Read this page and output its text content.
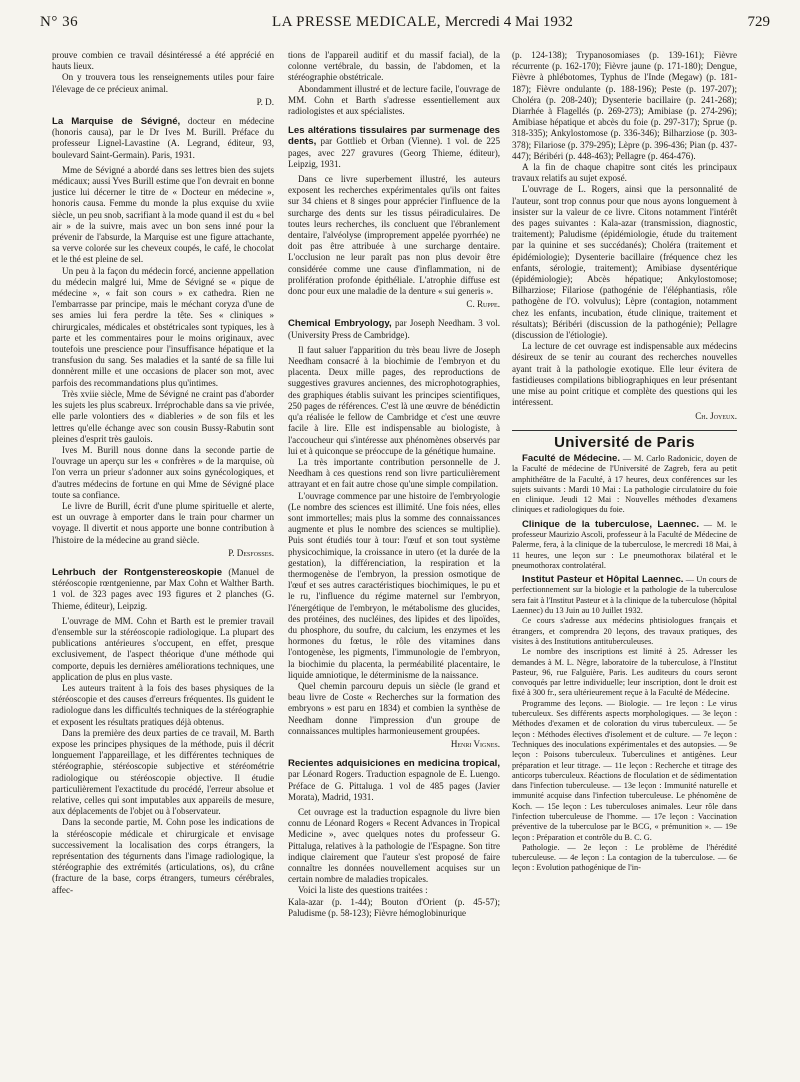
N° 36	LA PRESSE MEDICALE, Mercredi 4 Mai 1932	729

prouve combien ce travail désintéressé a été apprécié en hauts lieux.

On y trouvera tous les renseignements utiles pour faire l'élevage de ce précieux animal.

P. D.

La Marquise de Sévigné, docteur en médecine (honoris causa), par le Dr Ives M. Burill. Préface du professeur Lignel-Lavastine (A. Legrand, éditeur, 93, boulevard Saint-Germain). Paris, 1931.

Mme de Sévigné a abordé dans ses lettres bien des sujets médicaux; aussi Yves Burill estime que l'on devrait en bonne justice lui décerner le titre de « Docteur en médecine », honoris causa. Femme du monde la plus exquise du xviie siècle, un peu snob, sacrifiant à la mode quand il est du « bel air » de la suivre, mais avec un bon sens inné pour la prévenir de l'absurde, la Marquise est une figure attachante, sa verve colorée sur les cheveux coupés, le café, le chocolat et le thé est pleine de sel.

Un peu à la façon du médecin forcé, ancienne appellation du médecin malgré lui, Mme de Sévigné se « pique de médecine », « fait son cours » ex cathedra. Rien ne l'embarrasse par principe, mais le méchant coryza d'une de ses amies lui fera perdre la tête. Ses « cliniques » chirurgicales, médicales et obstétricales sont typiques, les à parte et les commentaires pour le moins originaux, avec toutefois une prescience pour l'insuffisance hépatique et la transfusion du sang. Ses maladies et la santé de sa fille lui donnèrent mille et une occasions de placer son mot, avec parfois des recommandations plus qu'intimes.

Très xviie siècle, Mme de Sévigné ne craint pas d'aborder les sujets les plus scabreux. Irréprochable dans sa vie privée, elle parle volontiers des « diableries » de son fils et les lettres qu'elle échange avec son cousin Bussy-Rabutin sont pleines d'esprit très gaulois.

Ives M. Burill nous donne dans la seconde partie de l'ouvrage un aperçu sur les « confrères » de la marquise, où l'on verra un prieur s'adonner aux soins gynécologiques, et d'autres médecins de fortune en qui Mme de Sévigné place toute sa confiance.

Le livre de Burill, écrit d'une plume spirituelle et alerte, est un ouvrage à emporter dans le train pour charmer un voyage. Il divertit et nous apporte une bonne contribution à l'histoire de la médecine au grand siècle.

P. Desfosses.

Lehrbuch der Rontgenstereoskopie (Manuel de stéréoscopie rœntgenienne, par Max Cohn et Walther Barth. 1 vol. de 323 pages avec 193 figures et 2 planches (G. Thieme, éditeur), Leipzig.

L'ouvrage de MM. Cohn et Barth est le premier travail d'ensemble sur la stéréoscopie radiologique. La plupart des publications antérieures s'occupent, en effet, presque exclusivement, de l'aspect théorique d'une méthode qui comporte, depuis les dernières améliorations techniques, une application de plus en plus vaste.

Les auteurs traitent à la fois des bases physiques de la stéréoscopie et des causes d'erreurs fréquentes. Ils guident le radiologue dans les difficultés techniques de la stéréographie et exposent les résultats pratiques déjà obtenus.

Dans la première des deux parties de ce travail, M. Barth expose les principes physiques de la méthode, puis il décrit longuement l'appareillage, et les différentes techniques de stéréographie, stéréoscopie subjective et stéréométrie radiologique ou stéréoscopie objective. Il étudie particulièrement l'exactitude du procédé, l'erreur absolue et relative, celles qui sont imputables aux appareils de mesure, aux déplacements de l'objet ou à l'observateur.

Dans la seconde partie, M. Cohn pose les indications de la stéréoscopie médicale et chirurgicale et envisage successivement la localisation des corps étrangers, la représentation des tégurnents dans l'image radiologique, la stéréographie des extrémités (articulations, os), du crâne (fracture de la base, corps étrangers, tumeurs cérébrales, affec-

tions de l'appareil auditif et du massif facial), de la colonne vertébrale, du bassin, de l'abdomen, et la stéréographie obstétricale.

Abondamment illustré et de lecture facile, l'ouvrage de MM. Cohn et Barth s'adresse essentiellement aux radiologistes et aux spécialistes.

Les altérations tissulaires par surmenage des dents, par Gottlieb et Orban (Vienne). 1 vol. de 225 pages, avec 227 gravures (Georg Thieme, éditeur), Leipzig, 1931.

Dans ce livre superbement illustré, les auteurs exposent les recherches expérimentales qu'ils ont faites sur 34 chiens et 8 singes pour apprécier l'influence de la surcharge des dents sur les tissus péiradiculaires. De toutes leurs recherches, ils concluent que l'ébranlement dentaire, l'alvéolyse (improprement appelée pyorrhée) ne doit pas être attribuée à une surcharge dentaire. L'occlusion ne leur paraît pas non plus devoir être considérée comme une cause d'inflammation, ni de prolifération profonde épithéliale. L'atrophie diffuse est donc pour eux une maladie de la denture « sui generis ».

C. Ruppe.

Chemical Embryology, par Joseph Needham. 3 vol. (University Press de Cambridge).

Il faut saluer l'apparition du très beau livre de Joseph Needham consacré à la biochimie de l'embryon et du placenta. Deux mille pages, des reproductions de suggestives gravures anciennes, des microphotographies, des graphiques établis suivant les principes scientifiques, 250 pages de références. C'est là une œuvre de bénédictin qu'a réalisée le fellow de Cambridge et c'est une œuvre facile à lire. Elle est indispensable au biologiste, à l'accoucheur qui s'intéresse aux phénomènes observés par lui et à quiconque se préoccupe de la génétique humaine.

La très importante contribution personnelle de J. Needham à ces questions rend son livre particulièrement attrayant et en fait autre chose qu'une simple compilation.

L'ouvrage commence par une histoire de l'embryologie (Le nombre des sciences est illimité. Une fois nées, elles sont immortelles; mais plus la somme des connaissances augmente et plus le nombre des sciences se multiplie). Puis sont étudiés tour à tour: l'œuf et son tout système physicochimique, la croissance in utero (et la durée de la gestation), la différenciation, la respiration et la thermogenèse de l'embryon, la pression osmotique de l'œuf et ses autres caractéristiques biochimiques, le pu et le ru, l'influence du régime maternel sur l'embryon, l'énergétique de l'embryon, le métabolisme des glucides, des protéines, des nucléines, des lipides et des lipoïdes, du phosphore, du soufre, du calcium, les enzymes et les hormones du fœtus, le rôle des vitamines dans l'ontogenèse, les pigments, l'immunologie de l'embryon, la biochimie du placenta, la perméabilité placentaire, le liquide amniotique, le déterminisme de la naissance.

Quel chemin parcouru depuis un siècle (le grand et beau livre de Coste « Recherches sur la formation des embryons » est paru en 1834) et combien la synthèse de Needham donne l'impression d'un groupe de connaissances multiples harmonieusement groupées.

Henri Vignes.

Recientes adquisiciones en medicina tropical, par Léonard Rogers. Traduction espagnole de E. Luengo. Préface de G. Pittaluga. 1 vol de 485 pages (Javier Morata), Madrid, 1931.

Cet ouvrage est la traduction espagnole du livre bien connu de Léonard Rogers « Recent Advances in Tropical Medicine », avec quelques notes du professeur G. Pittaluga, relatives à la pathologie de l'Espagne. Son titre indique clairement que l'auteur s'est proposé de faire connaître les données nouvellement acquises sur un certain nombre de maladies tropicales.

Voici la liste des questions traitées :

Kala-azar (p. 1-44); Bouton d'Orient (p. 45-57); Paludisme (p. 58-123); Fièvre hémoglobinurique

(p. 124-138); Trypanosomiases (p. 139-161); Fièvre récurrente (p. 162-170); Fièvre jaune (p. 171-180); Dengue, Fièvre à phlébotomes, Typhus de l'Inde (Megaw) (p. 181-187); Fièvre ondulante (p. 188-196); Peste (p. 197-207); Choléra (p. 208-240); Dysenterie bacillaire (p. 241-268); Diarrhée à Flagellés (p. 269-273); Amibiase (p. 274-296); Amibiase hépatique et abcès du foie (p. 297-317); Sprue (p. 318-335); Ankylostomose (p. 336-346); Bilharziose (p. 303-378); Filariose (p. 379-295); Lèpre (p. 396-436; Pian (p. 437-447); Béribéri (p. 448-463); Pellagre (p. 464-476).

A la fin de chaque chapitre sont cités les principaux travaux relatifs au sujet exposé.

L'ouvrage de L. Rogers, ainsi que la personnalité de l'auteur, sont trop connus pour que nous ayons longuement à insister sur la valeur de ce livre. Citons notamment l'intérêt des pages suivantes : Kala-azar (transmission, diagnostic, traitement); Paludisme (épidémiologie, étude du traitement par la quinine et ses succédanés); Choléra (traitement et épidémiologie); Dysenterie bacillaire (fréquence chez les enfants, sérologie, traitement); Amibiase dysentérique (épidémiologie); Abcès hépatique; Ankylostomose; Bilharziose; Filariose (pathogénie de l'éléphantiasis, rôle pathogène de l'O. volvulus); Lèpre (contagion, notamment chez les enfants, incubation, étude clinique, traitement et résultats); Béribéri (discussion de la pathogénie); Pellagre (discussion de l'étiologie).

La lecture de cet ouvrage est indispensable aux médecins désireux de se tenir au courant des recherches nouvelles ayant trait à la pathologie exotique. Elle leur évitera de fastidieuses compilations bibliographiques en leur présentant une mise au point critique et complète des questions qui les intéressent.

Ch. Joyeux.

Université de Paris

Faculté de Médecine. — M. Carlo Radonicic, doyen de la Faculté de médecine de l'Université de Zagreb, fera au petit amphithéâtre de la Faculté, à 17 heures, deux conférences sur les sujets suivants : Mardi 10 Mai : La pathologie circulatoire du foie en clinique. Jeudi 12 Mai : Nouvelles méthodes d'examens cliniques et radiologiques du foie.

Clinique de la tuberculose, Laennec. — M. le professeur Maurizio Ascoli, professeur à la Faculté de Médecine de Palerme, fera, à la clinique de la tuberculose, le mercredi 18 Mai, à 11 heures, une leçon sur : Le pneumothorax bilatéral et le pneumothorax controlatéral.

Institut Pasteur et Hôpital Laennec. — Un cours de perfectionnement sur la biologie et la pathologie de la tuberculose sera fait à l'Institut Pasteur et à la clinique de la tuberculose (hôpital Laennec) du 13 Juin au 10 Juillet 1932.

Ce cours s'adresse aux médecins phtisiologues français et étrangers, et comprendra 20 leçons, des travaux pratiques, des visites à des Institutions antituberculeuses.

Le nombre des inscriptions est limité à 25. Adresser les demandes à M. L. Nègre, laboratoire de la tuberculose, à l'Institut Pasteur, 96, rue Falguière, Paris. Les auditeurs du cours seront convoqués par lettre individuelle; leur inscription, dont le droit est fixé à 300 fr., sera ultérieurement reçue à la Faculté de Médecine.

Programme des leçons. — Biologie. — 1re leçon : Le virus tuberculeux. Ses différents aspects morphologiques. — 3e leçon : Méthodes d'examen et de coloration du virus tuberculeux. — 5e leçon : Méthodes électives d'isolement et de culture. — 7e leçon : Techniques des inoculations expérimentales et des autopsies. — 9e leçon : Poisons tuberculeux. Tuberculines et antigènes. Leur préparation et leur titrage. — 11e leçon : Recherche et titrage des anticorps tuberculeux. Réactions de floculation et de sédimentation dans l'infection tuberculeuse. — 13e leçon : Immunité naturelle et immunité acquise dans l'infection tuberculeuse. Le phénomène de Koch. — 15e leçon : Les tuberculoses animales. Leur rôle dans l'infection tuberculeuse de l'homme. — 17e leçon : Vaccination préventive de la tuberculose par le BCG, « prémunition ». — 19e leçon : Préparation et contrôle du B. C. G.

Pathologie. — 2e leçon : Le problème de l'hérédité tuberculeuse. — 4e leçon : La contagion de la tuberculose. — 6e leçon : Evolution pathogénique de l'in-
